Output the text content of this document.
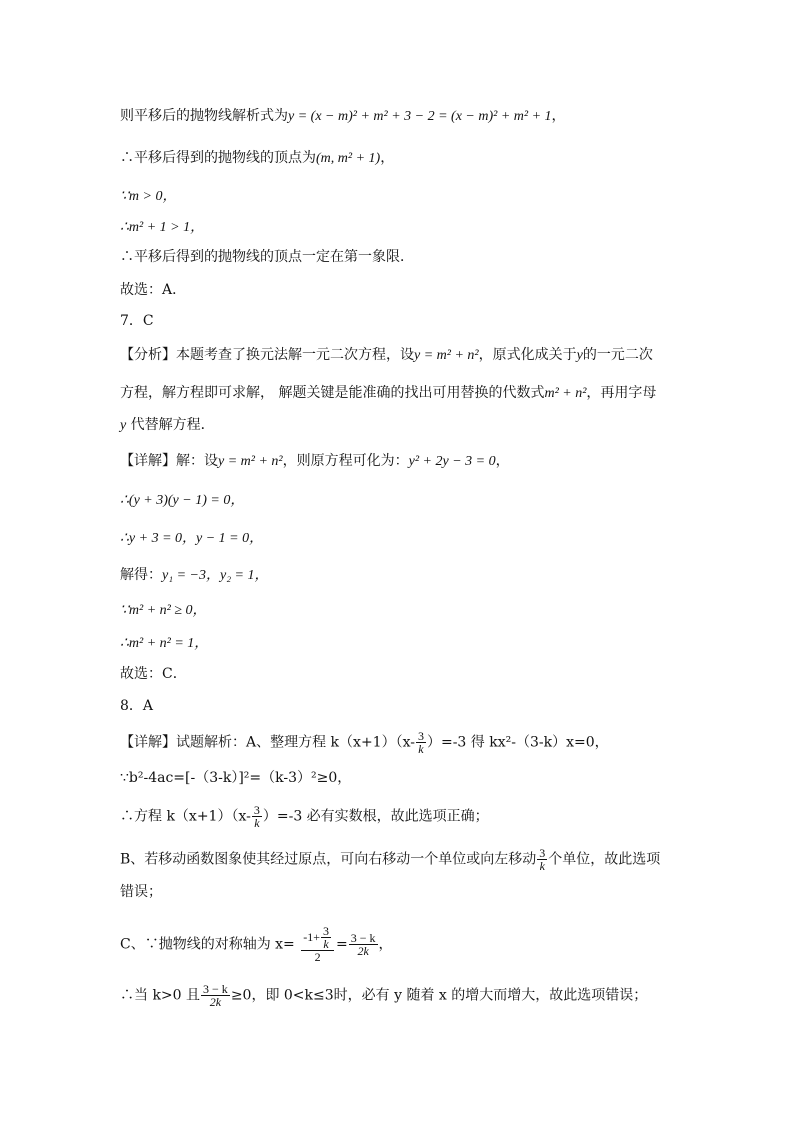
则平移后的抛物线解析式为y = (x − m)² + m² + 3 − 2 = (x − m)² + m² + 1，
∴平移后得到的抛物线的顶点为(m, m² + 1)，
∵m > 0，
∴m² + 1 > 1，
∴平移后得到的抛物线的顶点一定在第一象限．
故选：A．
7．C
【分析】本题考查了换元法解一元二次方程，设y = m² + n²，原式化成关于y的一元二次
方程，解方程即可求解， 解题关键是能准确的找出可用替换的代数式m² + n²，再用字母
y 代替解方程．
【详解】解：设y = m² + n²，则原方程可化为：y² + 2y − 3 = 0，
∴(y + 3)(y − 1) = 0，
∴y + 3 = 0，y − 1 = 0，
解得：y₁ = −3，y₂ = 1，
∵m² + n² ≥ 0，
∴m² + n² = 1，
故选：C．
8．A
【详解】试题解析：A、整理方程 $k(x+1)(x- \frac{3}{k} )=-3$ 得 kx²-（3-k）x=0，
∵b²-4ac=[-（3-k）]²=（k-3）²≥0，
∴方程 $k(x+1)(x- \frac{3}{k} )=-3$ 必有实数根，故此选项正确；
B、若移动函数图象使其经过原点，可向右移动一个单位或向左移动 $\frac{3}{k}$ 个单位，故此选项
错误；
C、∵抛物线的对称轴为 $x= \frac{-1+ \frac{3}{k}}{2} = \frac{3 - k}{2k}$ ，
∴当 k>0 且 $\frac{3 - k}{2k} \ge 0$，即 0<k≤3时，必有 y 随着 x 的增大而增大，故此选项错误；
